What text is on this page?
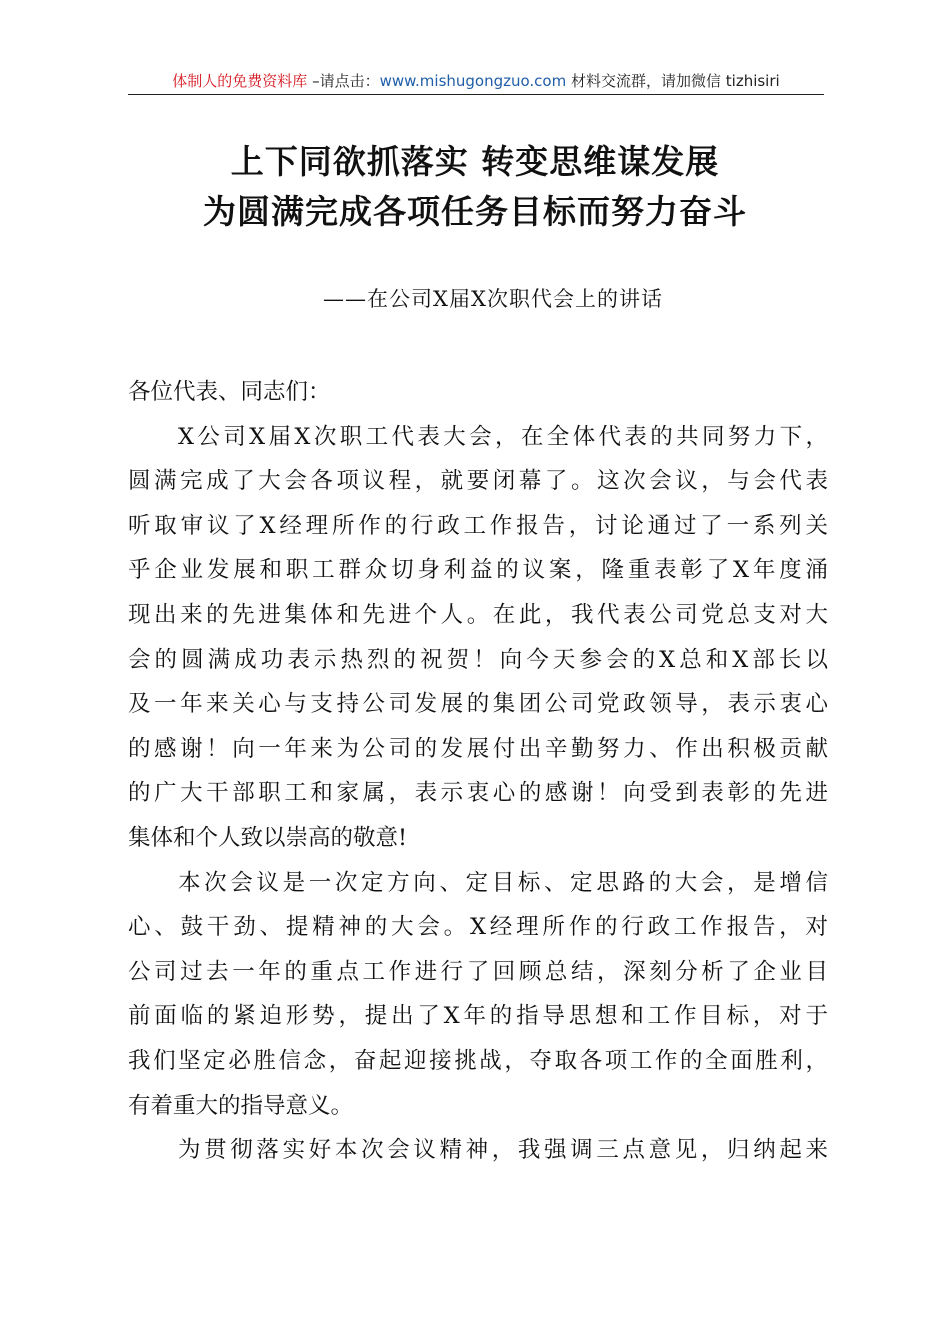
体制人的免费资料库 –请点击：www.mishugongzuo.com 材料交流群，请加微信 tizhisiri
上下同欲抓落实 转变思维谋发展
为圆满完成各项任务目标而努力奋斗
——在公司X届X次职代会上的讲话
各位代表、同志们：
X公司X届X次职工代表大会，在全体代表的共同努力下，
圆满完成了大会各项议程，就要闭幕了。这次会议，与会代表
听取审议了X经理所作的行政工作报告，讨论通过了一系列关
乎企业发展和职工群众切身利益的议案，隆重表彰了X年度涌
现出来的先进集体和先进个人。在此，我代表公司党总支对大
会的圆满成功表示热烈的祝贺！向今天参会的X总和X部长以
及一年来关心与支持公司发展的集团公司党政领导，表示衷心
的感谢！向一年来为公司的发展付出辛勤努力、作出积极贡献
的广大干部职工和家属，表示衷心的感谢！向受到表彰的先进
集体和个人致以崇高的敬意!
本次会议是一次定方向、定目标、定思路的大会，是增信
心、鼓干劲、提精神的大会。X经理所作的行政工作报告，对
公司过去一年的重点工作进行了回顾总结，深刻分析了企业目
前面临的紧迫形势，提出了X年的指导思想和工作目标，对于
我们坚定必胜信念，奋起迎接挑战，夺取各项工作的全面胜利，
有着重大的指导意义。
为贯彻落实好本次会议精神，我强调三点意见，归纳起来
